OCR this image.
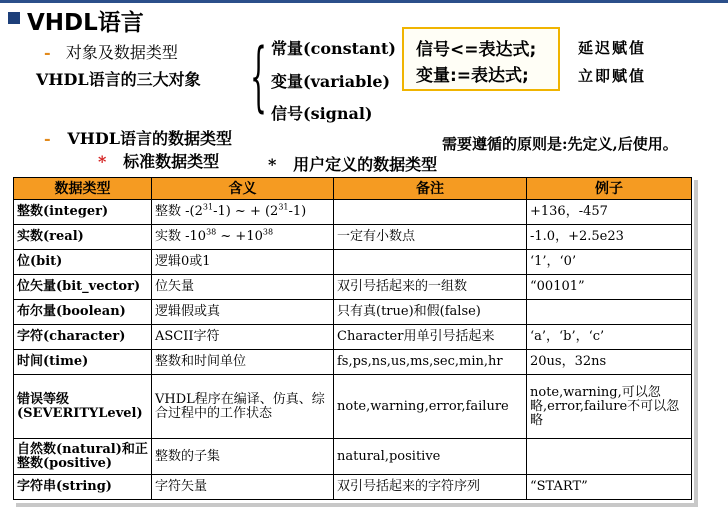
VHDL语言
- 对象及数据类型
VHDL语言的三大对象 { 常量(constant)
变量(variable)
信号(signal)
信号<=表达式;
变量:=表达式;
延迟赋值
立即赋值
- VHDL语言的数据类型	需要遵循的原则是:先定义,后使用。
* 标准数据类型	* 用户定义的数据类型
数据类型	含义	备注	例子
整数(integer)	整数 $-(2^{31}-1)$ ~ + $(2^{31}-1)$		+136，-457
实数(real)	实数 $-10^{38}$ ~ $+10^{38}$	一定有小数点	-1.0，+2.5e23
位(bit)	逻辑0或1		‘1’，‘0’
位矢量(bit_vector)	位矢量	双引号括起来的一组数	“00101”
布尔量(boolean)	逻辑假或真	只有真(true)和假(false)	
字符(character)	ASCII字符	Character用单引号括起来	‘a’，‘b’，‘c’
时间(time)	整数和时间单位	fs,ps,ns,us,ms,sec,min,hr	20us，32ns
错误等级(SEVERITYLevel)	VHDL程序在编译、仿真、综合过程中的工作状态	note,warning,error,failure	note,warning,可以忽略,error,failure不可以忽略
自然数(natural)和正整数(positive)	整数的子集	natural,positive	
字符串(string)	字符矢量	双引号括起来的字符序列	“START”
